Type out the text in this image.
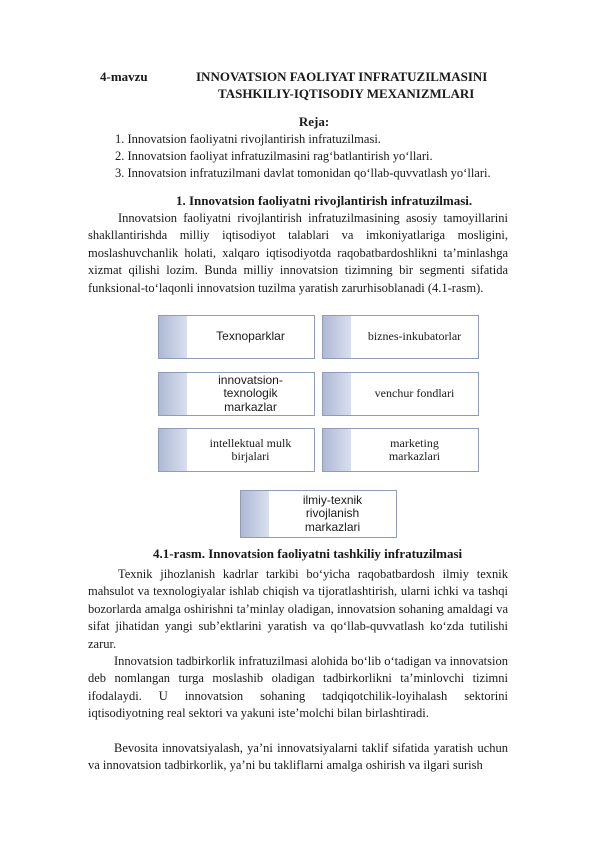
4-mavzu	INNOVATSION FAOLIYAT INFRATUZILMASINI
TASHKILIY-IQTISODIY MEXANIZMLARI
Reja:
1. Innovatsion faoliyatni rivojlantirish infratuzilmasi.
2. Innovatsion faoliyat infratuzilmasini rag‘batlantirish yo‘llari.
3. Innovatsion infratuzilmani davlat tomonidan qo‘llab-quvvatlash yo‘llari.
1. Innovatsion faoliyatni rivojlantirish infratuzilmasi.
Innovatsion faoliyatni rivojlantirish infratuzilmasining asosiy tamoyillarini shakllantirishda milliy iqtisodiyot talablari va imkoniyatlariga mosligini, moslashuvchanlik holati, xalqaro iqtisodiyotda raqobatbardoshlikni ta’minlashga xizmat qilishi lozim. Bunda milliy innovatsion tizimning bir segmenti sifatida funksional-to‘laqonli innovatsion tuzilma yaratish zarurhisoblanadi (4.1-rasm).
Texnoparklar	biznes-inkubatorlar
innovatsion-
texnologik
markazlar
venchur fondlari
intellektual mulk
birjalari
marketing
markazlari
ilmiy-texnik
rivojlanish
markazlari
4.1-rasm. Innovatsion faoliyatni tashkiliy infratuzilmasi
Texnik jihozlanish kadrlar tarkibi bo‘yicha raqobatbardosh ilmiy texnik mahsulot va texnologiyalar ishlab chiqish va tijoratlashtirish, ularni ichki va tashqi bozorlarda amalga oshirishni ta’minlay oladigan, innovatsion sohaning amaldagi va sifat jihatidan yangi sub’ektlarini yaratish va qo‘llab-quvvatlash ko‘zda tutilishi zarur.
Innovatsion tadbirkorlik infratuzilmasi alohida bo‘lib o‘tadigan va innovatsion deb nomlangan turga moslashib oladigan tadbirkorlikni ta’minlovchi tizimni ifodalaydi. U innovatsion sohaning tadqiqotchilik-loyihalash sektorini iqtisodiyotning real sektori va yakuni iste’molchi bilan birlashtiradi.
Bevosita innovatsiyalash, ya’ni innovatsiyalarni taklif sifatida yaratish uchun va innovatsion tadbirkorlik, ya’ni bu takliflarni amalga oshirish va ilgari surish
